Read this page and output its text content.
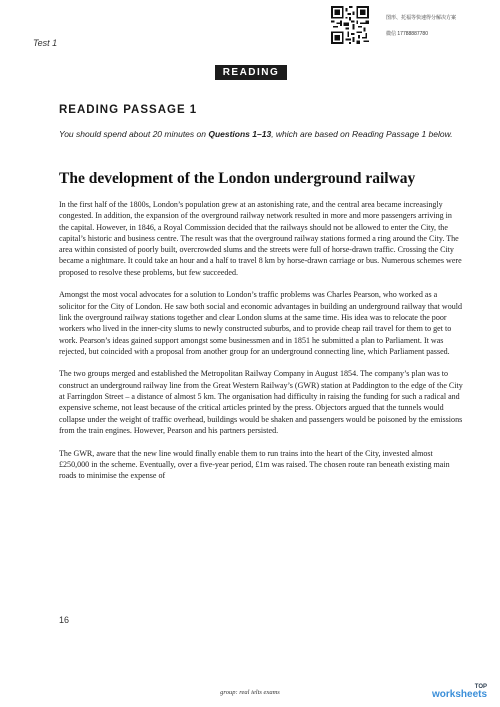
Test 1
图形、托福等快速得分解决方案
微信 17788887780
READING
READING PASSAGE 1
You should spend about 20 minutes on Questions 1–13, which are based on Reading Passage 1 below.
The development of the London underground railway

In the first half of the 1800s, London’s population grew at an astonishing rate, and the central area became increasingly congested. In addition, the expansion of the overground railway network resulted in more and more passengers arriving in the capital. However, in 1846, a Royal Commission decided that the railways should not be allowed to enter the City, the capital’s historic and business centre. The result was that the overground railway stations formed a ring around the City. The area within consisted of poorly built, overcrowded slums and the streets were full of horse-drawn traffic. Crossing the City became a nightmare. It could take an hour and a half to travel 8 km by horse-drawn carriage or bus. Numerous schemes were proposed to resolve these problems, but few succeeded.

Amongst the most vocal advocates for a solution to London’s traffic problems was Charles Pearson, who worked as a solicitor for the City of London. He saw both social and economic advantages in building an underground railway that would link the overground railway stations together and clear London slums at the same time. His idea was to relocate the poor workers who lived in the inner-city slums to newly constructed suburbs, and to provide cheap rail travel for them to get to work. Pearson’s ideas gained support amongst some businessmen and in 1851 he submitted a plan to Parliament. It was rejected, but coincided with a proposal from another group for an underground connecting line, which Parliament passed.

The two groups merged and established the Metropolitan Railway Company in August 1854. The company’s plan was to construct an underground railway line from the Great Western Railway’s (GWR) station at Paddington to the edge of the City at Farringdon Street – a distance of almost 5 km. The organisation had difficulty in raising the funding for such a radical and expensive scheme, not least because of the critical articles printed by the press. Objectors argued that the tunnels would collapse under the weight of traffic overhead, buildings would be shaken and passengers would be poisoned by the emissions from the train engines. However, Pearson and his partners persisted.

The GWR, aware that the new line would finally enable them to run trains into the heart of the City, invested almost £250,000 in the scheme. Eventually, over a five-year period, £1m was raised. The chosen route ran beneath existing main roads to minimise the expense of

16
group: real ielts exams
TOP
worksheets
